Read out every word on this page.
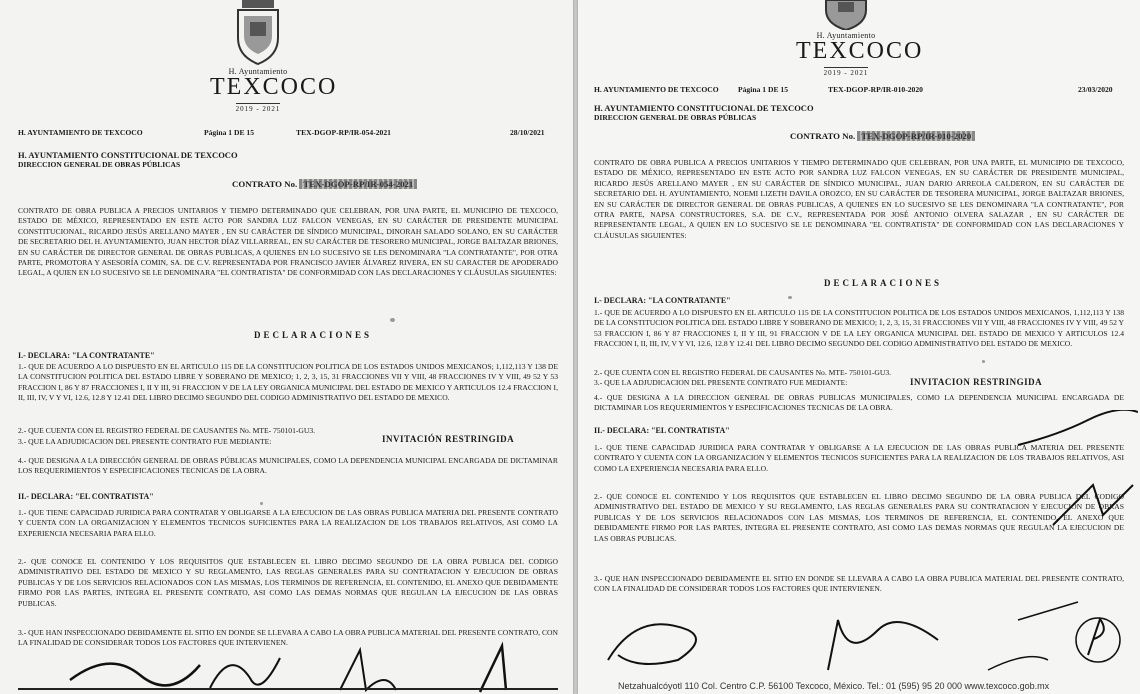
H. Ayuntamiento
TEXCOCO
2019 - 2021
H. AYUNTAMIENTO DE TEXCOCO	Página 1 DE 15	TEX-DGOP-RP/IR-054-2021	28/10/2021
H. AYUNTAMIENTO CONSTITUCIONAL DE TEXCOCO
DIRECCION GENERAL DE OBRAS PÚBLICAS
CONTRATO No. TEX-DGOP-RP/IR-054-2021

CONTRATO DE OBRA PUBLICA A PRECIOS UNITARIOS Y TIEMPO DETERMINADO QUE CELEBRAN, POR UNA PARTE, EL MUNICIPIO DE TEXCOCO, ESTADO DE MÉXICO, REPRESENTADO EN ESTE ACTO POR SANDRA LUZ FALCON VENEGAS, EN SU CARÁCTER DE PRESIDENTE MUNICIPAL CONSTITUCIONAL, RICARDO JESÚS ARELLANO MAYER , EN SU CARÁCTER DE SÍNDICO MUNICIPAL, DINORAH SALADO SOLANO, EN SU CARÁCTER DE SECRETARIO DEL H. AYUNTAMIENTO, JUAN HECTOR DÍAZ VILLARREAL, EN SU CARÁCTER DE TESORERO MUNICIPAL, JORGE BALTAZAR BRIONES, EN SU CARÁCTER DE DIRECTOR GENERAL DE OBRAS PUBLICAS, A QUIENES EN LO SUCESIVO SE LES DENOMINARA "LA CONTRATANTE", POR OTRA PARTE, PROMOTORA Y ASESORÍA COMIN, SA. DE C.V. REPRESENTADA POR FRANCISCO JAVIER ÁLVAREZ RIVERA, EN SU CARACTER DE APODERADO LEGAL, A QUIEN EN LO SUCESIVO SE LE DENOMINARA "EL CONTRATISTA" DE CONFORMIDAD CON LAS DECLARACIONES Y CLÁUSULAS SIGUIENTES:

DECLARACIONES
I.- DECLARA: "LA CONTRATANTE"

1.- QUE DE ACUERDO A LO DISPUESTO EN EL ARTICULO 115 DE LA CONSTITUCION POLITICA DE LOS ESTADOS UNIDOS MEXICANOS; 1,112,113 Y 138 DE LA CONSTITUCION POLITICA DEL ESTADO LIBRE Y SOBERANO DE MEXICO; 1, 2, 3, 15, 31 FRACCIONES VII Y VIII, 48 FRACCIONES IV Y VIII, 49 52 Y 53 FRACCION I, 86 Y 87 FRACCIONES I, II Y III, 91 FRACCION V DE LA LEY ORGANICA MUNICIPAL DEL ESTADO DE MEXICO Y ARTICULOS 12.4 FRACCION I, II, III, IV, V Y VI, 12.6, 12.8 Y 12.41 DEL LIBRO DECIMO SEGUNDO DEL CODIGO ADMINISTRATIVO DEL ESTADO DE MEXICO.

2.- QUE CUENTA CON EL REGISTRO FEDERAL DE CAUSANTES No. MTE- 750101-GU3.

3.- QUE LA ADJUDICACION DEL PRESENTE CONTRATO FUE MEDIANTE:	INVITACIÓN RESTRINGIDA

4.- QUE DESIGNA A LA DIRECCIÓN GENERAL DE OBRAS PÚBLICAS MUNICIPALES, COMO LA DEPENDENCIA MUNICIPAL ENCARGADA DE DICTAMINAR LOS REQUERIMIENTOS Y ESPECIFICACIONES TECNICAS DE LA OBRA.

II.- DECLARA: "EL CONTRATISTA"

1.- QUE TIENE CAPACIDAD JURIDICA PARA CONTRATAR Y OBLIGARSE A LA EJECUCION DE LAS OBRAS PUBLICA MATERIA DEL PRESENTE CONTRATO Y CUENTA CON LA ORGANIZACION Y ELEMENTOS TECNICOS SUFICIENTES PARA LA REALIZACION DE LOS TRABAJOS RELATIVOS, ASI COMO LA EXPERIENCIA NECESARIA PARA ELLO.

2.- QUE CONOCE EL CONTENIDO Y LOS REQUISITOS QUE ESTABLECEN EL LIBRO DECIMO SEGUNDO DE LA OBRA PUBLICA DEL CODIGO ADMINISTRATIVO DEL ESTADO DE MEXICO Y SU REGLAMENTO, LAS REGLAS GENERALES PARA SU CONTRATACION Y EJECUCION DE OBRAS PUBLICAS Y DE LOS SERVICIOS RELACIONADOS CON LAS MISMAS, LOS TERMINOS DE REFERENCIA, EL CONTENIDO, EL ANEXO QUE DEBIDAMENTE FIRMO POR LAS PARTES, INTEGRA EL PRESENTE CONTRATO, ASI COMO LAS DEMAS NORMAS QUE REGULAN LA EJECUCION DE LAS OBRAS PUBLICAS.

3.- QUE HAN INSPECCIONADO DEBIDAMENTE EL SITIO EN DONDE SE LLEVARA A CABO LA OBRA PUBLICA MATERIAL DEL PRESENTE CONTRATO, CON LA FINALIDAD DE CONSIDERAR TODOS LOS FACTORES QUE INTERVIENEN.

H. Ayuntamiento
TEXCOCO
2019 - 2021
H. AYUNTAMIENTO DE TEXCOCO	Página 1 DE 15	TEX-DGOP-RP/IR-010-2020	23/03/2020
H. AYUNTAMIENTO CONSTITUCIONAL DE TEXCOCO
DIRECCION GENERAL DE OBRAS PÚBLICAS
CONTRATO No. TEX-DGOP-RP/IR-010-2020

CONTRATO DE OBRA PUBLICA A PRECIOS UNITARIOS Y TIEMPO DETERMINADO QUE CELEBRAN, POR UNA PARTE, EL MUNICIPIO DE TEXCOCO, ESTADO DE MÉXICO, REPRESENTADO EN ESTE ACTO POR SANDRA LUZ FALCON VENEGAS, EN SU CARÁCTER DE PRESIDENTE MUNICIPAL, RICARDO JESÚS ARELLANO MAYER , EN SU CARÁCTER DE SÍNDICO MUNICIPAL, JUAN DARIO ARREOLA CALDERON, EN SU CARÁCTER DE SECRETARIO DEL H. AYUNTAMIENTO, NOEMI LIZETH DAVILA OROZCO, EN SU CARÁCTER DE TESORERA MUNICIPAL, JORGE BALTAZAR BRIONES, EN SU CARÁCTER DE DIRECTOR GENERAL DE OBRAS PUBLICAS, A QUIENES EN LO SUCESIVO SE LES DENOMINARA "LA CONTRATANTE", POR OTRA PARTE, NAPSA CONSTRUCTORES, S.A. DE C.V., REPRESENTADA POR JOSÉ ANTONIO OLVERA SALAZAR , EN SU CARÁCTER DE REPRESENTANTE LEGAL, A QUIEN EN LO SUCESIVO SE LE DENOMINARA "EL CONTRATISTA" DE CONFORMIDAD CON LAS DECLARACIONES Y CLÁUSULAS SIGUIENTES:

DECLARACIONES
I.- DECLARA: "LA CONTRATANTE"

1.- QUE DE ACUERDO A LO DISPUESTO EN EL ARTICULO 115 DE LA CONSTITUCION POLITICA DE LOS ESTADOS UNIDOS MEXICANOS, 1,112,113 Y 138 DE LA CONSTITUCION POLITICA DEL ESTADO LIBRE Y SOBERANO DE MEXICO; 1, 2, 3, 15, 31 FRACCIONES VII Y VIII, 48 FRACCIONES IV Y VIII, 49 52 Y 53 FRACCION I, 86 Y 87 FRACCIONES I, II Y III, 91 FRACCION V DE LA LEY ORGANICA MUNICIPAL DEL ESTADO DE MEXICO Y ARTICULOS 12.4 FRACCION I, II, III, IV, V Y VI, 12.6, 12.8 Y 12.41 DEL LIBRO DECIMO SEGUNDO DEL CODIGO ADMINISTRATIVO DEL ESTADO DE MEXICO.

2.- QUE CUENTA CON EL REGISTRO FEDERAL DE CAUSANTES No. MTE- 750101-GU3.

3.- QUE LA ADJUDICACION DEL PRESENTE CONTRATO FUE MEDIANTE:	INVITACION RESTRINGIDA

4.- QUE DESIGNA A LA DIRECCION GENERAL DE OBRAS PUBLICAS MUNICIPALES, COMO LA DEPENDENCIA MUNICIPAL ENCARGADA DE DICTAMINAR LOS REQUERIMIENTOS Y ESPECIFICACIONES TECNICAS DE LA OBRA.

II.- DECLARA: "EL CONTRATISTA"

1.- QUE TIENE CAPACIDAD JURIDICA PARA CONTRATAR Y OBLIGARSE A LA EJECUCION DE LAS OBRAS PUBLICA MATERIA DEL PRESENTE CONTRATO Y CUENTA CON LA ORGANIZACION Y ELEMENTOS TECNICOS SUFICIENTES PARA LA REALIZACION DE LOS TRABAJOS RELATIVOS, ASI COMO LA EXPERIENCIA NECESARIA PARA ELLO.

2.- QUE CONOCE EL CONTENIDO Y LOS REQUISITOS QUE ESTABLECEN EL LIBRO DECIMO SEGUNDO DE LA OBRA PUBLICA DEL CODIGO ADMINISTRATIVO DEL ESTADO DE MEXICO Y SU REGLAMENTO, LAS REGLAS GENERALES PARA SU CONTRATACION Y EJECUCION DE OBRAS PUBLICAS Y DE LOS SERVICIOS RELACIONADOS CON LAS MISMAS, LOS TERMINOS DE REFERENCIA, EL CONTENIDO, EL ANEXO QUE DEBIDAMENTE FIRMO POR LAS PARTES, INTEGRA EL PRESENTE CONTRATO, ASI COMO LAS DEMAS NORMAS QUE REGULAN LA EJECUCION DE LAS OBRAS PUBLICAS.

3.- QUE HAN INSPECCIONADO DEBIDAMENTE EL SITIO EN DONDE SE LLEVARA A CABO LA OBRA PUBLICA MATERIAL DEL PRESENTE CONTRATO, CON LA FINALIDAD DE CONSIDERAR TODOS LOS FACTORES QUE INTERVIENEN.

Netzahualcóyotl 110 Col. Centro C.P. 56100 Texcoco, México. Tel.: 01 (595) 95 20 000 www.texcoco.gob.mx
